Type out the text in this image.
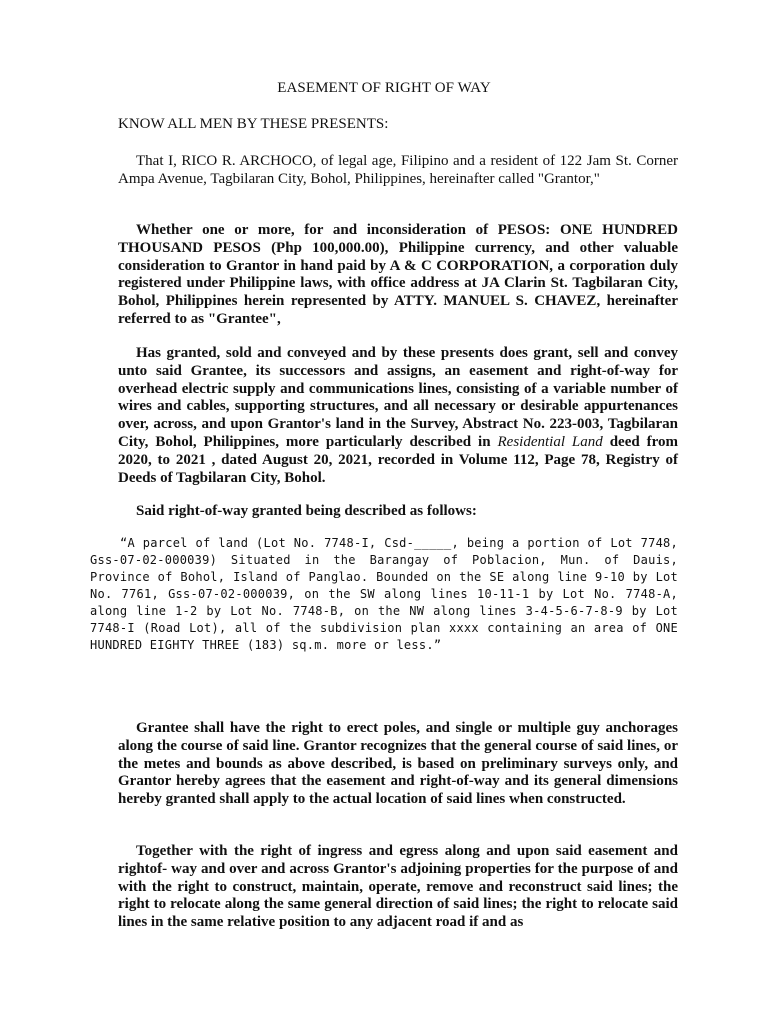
EASEMENT OF RIGHT OF WAY
KNOW ALL MEN BY THESE PRESENTS:

That I, RICO R. ARCHOCO, of legal age, Filipino and a resident of 122 Jam St. Corner Ampa Avenue, Tagbilaran City, Bohol, Philippines, hereinafter called "Grantor,"

Whether one or more, for and inconsideration of PESOS: ONE HUNDRED THOUSAND PESOS (Php 100,000.00), Philippine currency, and other valuable consideration to Grantor in hand paid by A & C CORPORATION, a corporation duly registered under Philippine laws, with office address at JA Clarin St. Tagbilaran City, Bohol, Philippines herein represented by ATTY. MANUEL S. CHAVEZ, hereinafter referred to as "Grantee",

Has granted, sold and conveyed and by these presents does grant, sell and convey unto said Grantee, its successors and assigns, an easement and right-of-way for overhead electric supply and communications lines, consisting of a variable number of wires and cables, supporting structures, and all necessary or desirable appurtenances over, across, and upon Grantor's land in the Survey, Abstract No. 223-003, Tagbilaran City, Bohol, Philippines, more particularly described in Residential Land deed from 2020, to 2021 , dated August 20, 2021, recorded in Volume 112, Page 78, Registry of Deeds of Tagbilaran City, Bohol.

Said right-of-way granted being described as follows:

“A parcel of land (Lot No. 7748-I, Csd-_____, being a portion of Lot 7748, Gss-07-02-000039) Situated in the Barangay of Poblacion, Mun. of Dauis, Province of Bohol, Island of Panglao. Bounded on the SE along line 9-10 by Lot No. 7761, Gss-07-02-000039, on the SW along lines 10-11-1 by Lot No. 7748-A, along line 1-2 by Lot No. 7748-B, on the NW along lines 3-4-5-6-7-8-9 by Lot 7748-I (Road Lot), all of the subdivision plan xxxx containing an area of ONE HUNDRED EIGHTY THREE (183) sq.m. more or less.”

Grantee shall have the right to erect poles, and single or multiple guy anchorages along the course of said line. Grantor recognizes that the general course of said lines, or the metes and bounds as above described, is based on preliminary surveys only, and Grantor hereby agrees that the easement and right-of-way and its general dimensions hereby granted shall apply to the actual location of said lines when constructed.

Together with the right of ingress and egress along and upon said easement and rightof- way and over and across Grantor's adjoining properties for the purpose of and with the right to construct, maintain, operate, remove and reconstruct said lines; the right to relocate along the same general direction of said lines; the right to relocate said lines in the same relative position to any adjacent road if and as
